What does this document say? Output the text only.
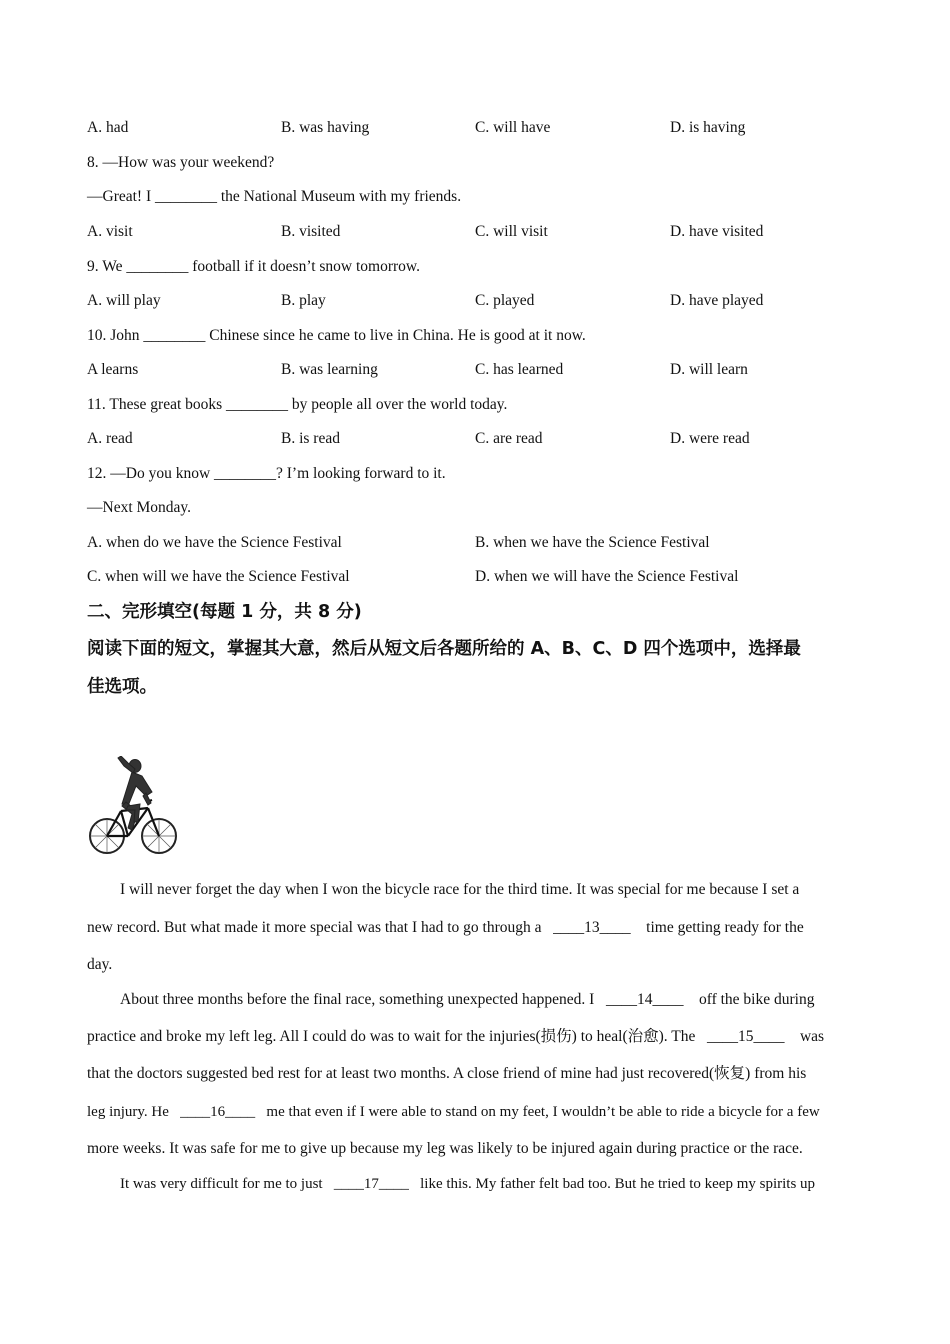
A. had	B. was having	C. will have	D. is having
8. —How was your weekend?
—Great! I ________ the National Museum with my friends.
A. visit	B. visited	C. will visit	D. have visited
9. We ________ football if it doesn’t snow tomorrow.
A. will play	B. play	C. played	D. have played
10. John ________ Chinese since he came to live in China. He is good at it now.
A learns	B. was learning	C. has learned	D. will learn
11. These great books ________ by people all over the world today.
A. read	B. is read	C. are read	D. were read
12. —Do you know ________? I’m looking forward to it.
—Next Monday.
A. when do we have the Science Festival	B. when we have the Science Festival
C. when will we have the Science Festival	D. when we will have the Science Festival
二、完形填空(每题 1 分，共 8 分)
阅读下面的短文，掌握其大意，然后从短文后各题所给的 A、B、C、D 四个选项中，选择最
佳选项。
I will never forget the day when I won the bicycle race for the third time. It was special for me because I set a
new record. But what made it more special was that I had to go through a ____13____ time getting ready for the
day.
About three months before the final race, something unexpected happened. I ____14____ off the bike during
practice and broke my left leg. All I could do was to wait for the injuries(损伤) to heal(治愈). The ____15____ was
that the doctors suggested bed rest for at least two months. A close friend of mine had just recovered(恢复) from his
leg injury. He ____16____ me that even if I were able to stand on my feet, I wouldn’t be able to ride a bicycle for a few
more weeks. It was safe for me to give up because my leg was likely to be injured again during practice or the race.
It was very difficult for me to just ____17____ like this. My father felt bad too. But he tried to keep my spirits up
